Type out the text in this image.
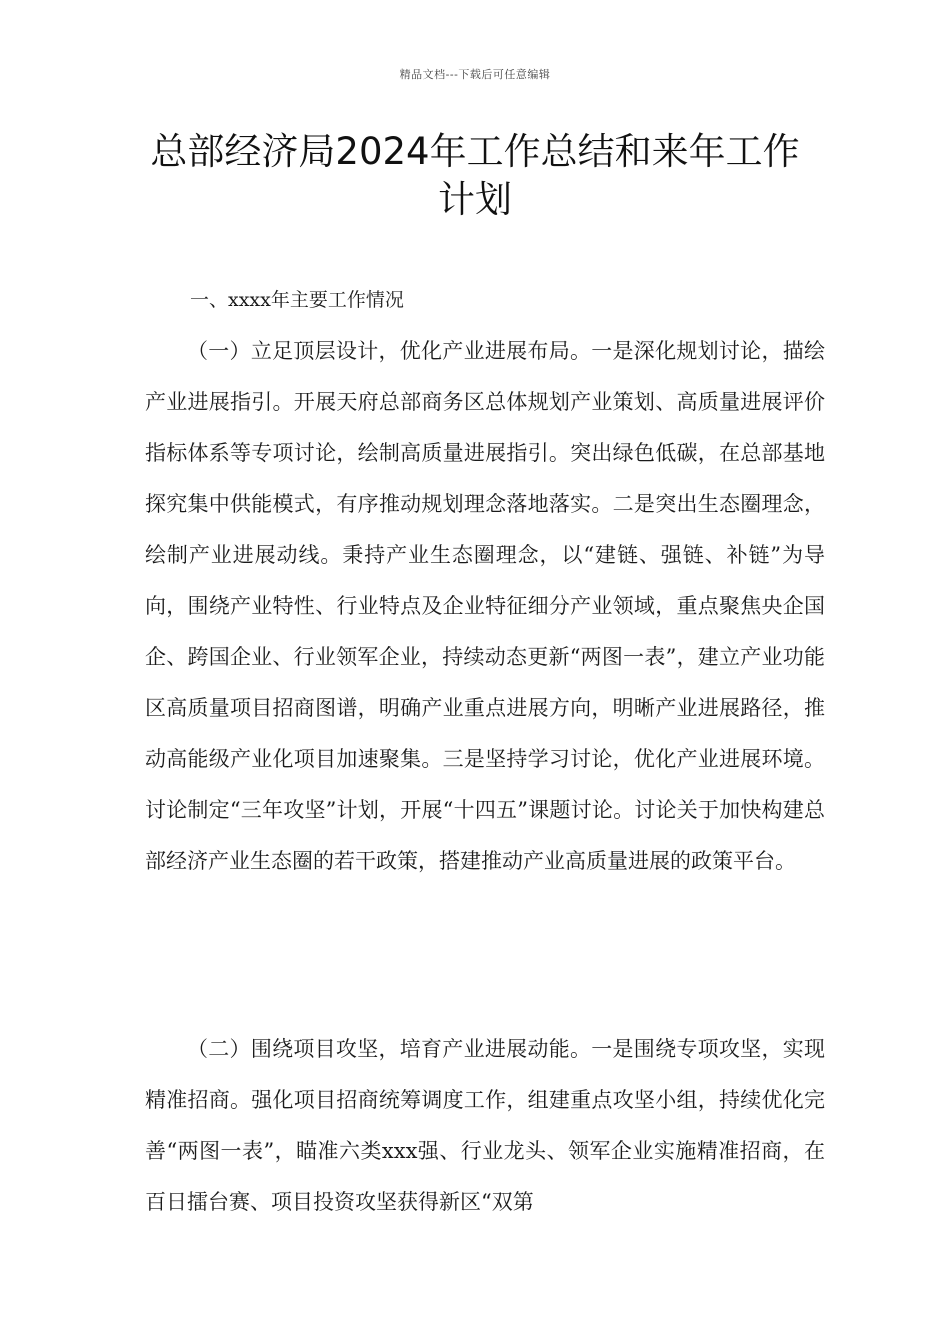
精品文档---下载后可任意编辑
总部经济局2024年工作总结和来年工作计划
一、xxxx年主要工作情况

（一）立足顶层设计，优化产业进展布局。一是深化规划讨论，描绘产业进展指引。开展天府总部商务区总体规划产业策划、高质量进展评价指标体系等专项讨论，绘制高质量进展指引。突出绿色低碳，在总部基地探究集中供能模式，有序推动规划理念落地落实。二是突出生态圈理念，绘制产业进展动线。秉持产业生态圈理念，以“建链、强链、补链”为导向，围绕产业特性、行业特点及企业特征细分产业领域，重点聚焦央企国企、跨国企业、行业领军企业，持续动态更新“两图一表”，建立产业功能区高质量项目招商图谱，明确产业重点进展方向，明晰产业进展路径，推动高能级产业化项目加速聚集。三是坚持学习讨论，优化产业进展环境。讨论制定“三年攻坚”计划，开展“十四五”课题讨论。讨论关于加快构建总部经济产业生态圈的若干政策，搭建推动产业高质量进展的政策平台。

（二）围绕项目攻坚，培育产业进展动能。一是围绕专项攻坚，实现精准招商。强化项目招商统筹调度工作，组建重点攻坚小组，持续优化完善“两图一表”，瞄准六类xxx强、行业龙头、领军企业实施精准招商，在百日擂台赛、项目投资攻坚获得新区“双第
